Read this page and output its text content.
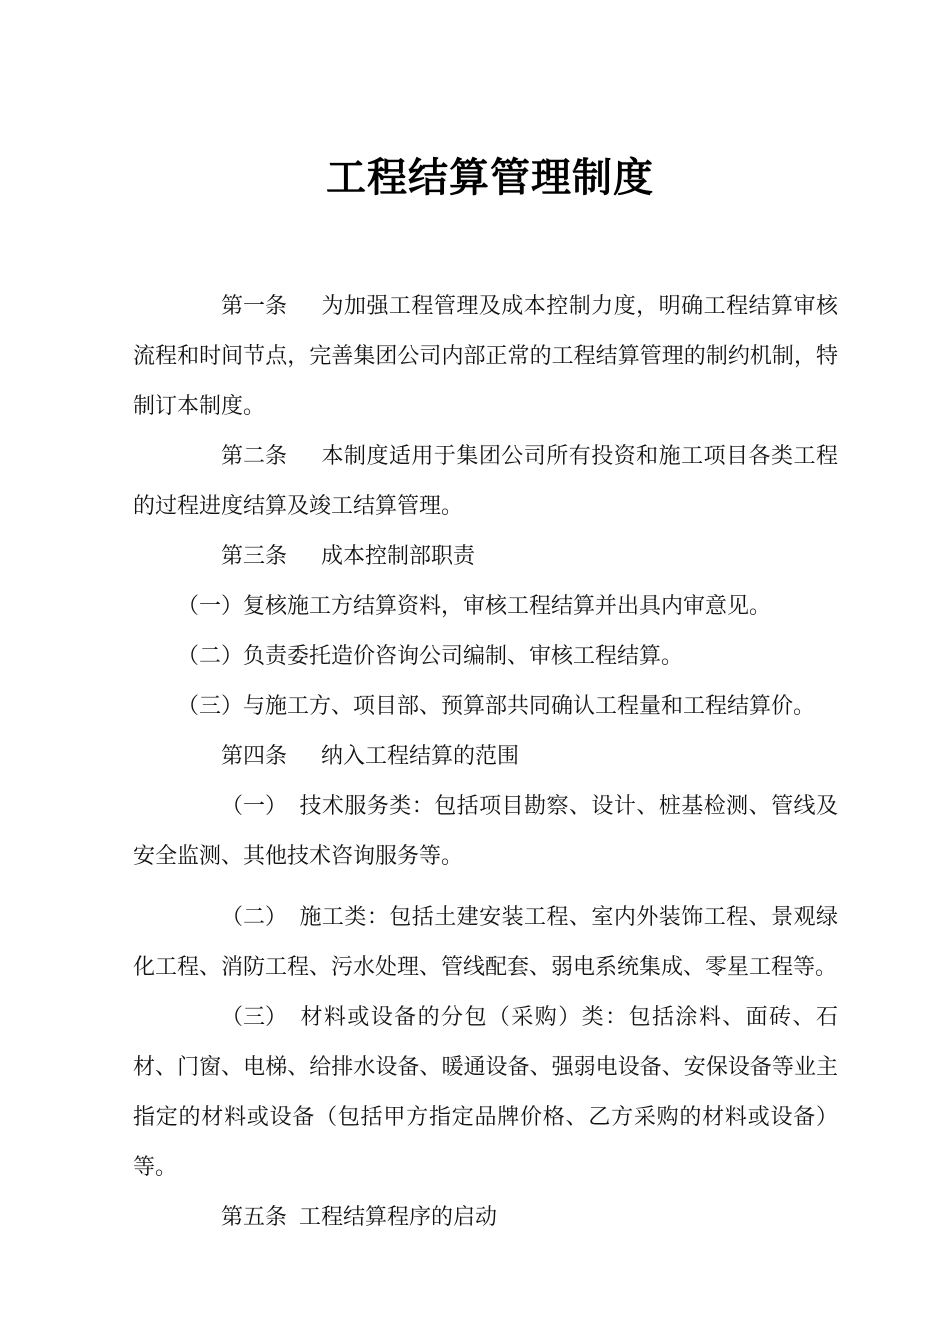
工程结算管理制度

第一条 为加强工程管理及成本控制力度，明确工程结算审核流程和时间节点，完善集团公司内部正常的工程结算管理的制约机制，特制订本制度。

第二条 本制度适用于集团公司所有投资和施工项目各类工程的过程进度结算及竣工结算管理。

第三条 成本控制部职责

（一）复核施工方结算资料，审核工程结算并出具内审意见。

（二）负责委托造价咨询公司编制、审核工程结算。

（三）与施工方、项目部、预算部共同确认工程量和工程结算价。

第四条 纳入工程结算的范围

（一） 技术服务类：包括项目勘察、设计、桩基检测、管线及安全监测、其他技术咨询服务等。

（二） 施工类：包括土建安装工程、室内外装饰工程、景观绿化工程、消防工程、污水处理、管线配套、弱电系统集成、零星工程等。

（三） 材料或设备的分包（采购）类：包括涂料、面砖、石材、门窗、电梯、给排水设备、暖通设备、强弱电设备、安保设备等业主指定的材料或设备（包括甲方指定品牌价格、乙方采购的材料或设备）等。

第五条 工程结算程序的启动
